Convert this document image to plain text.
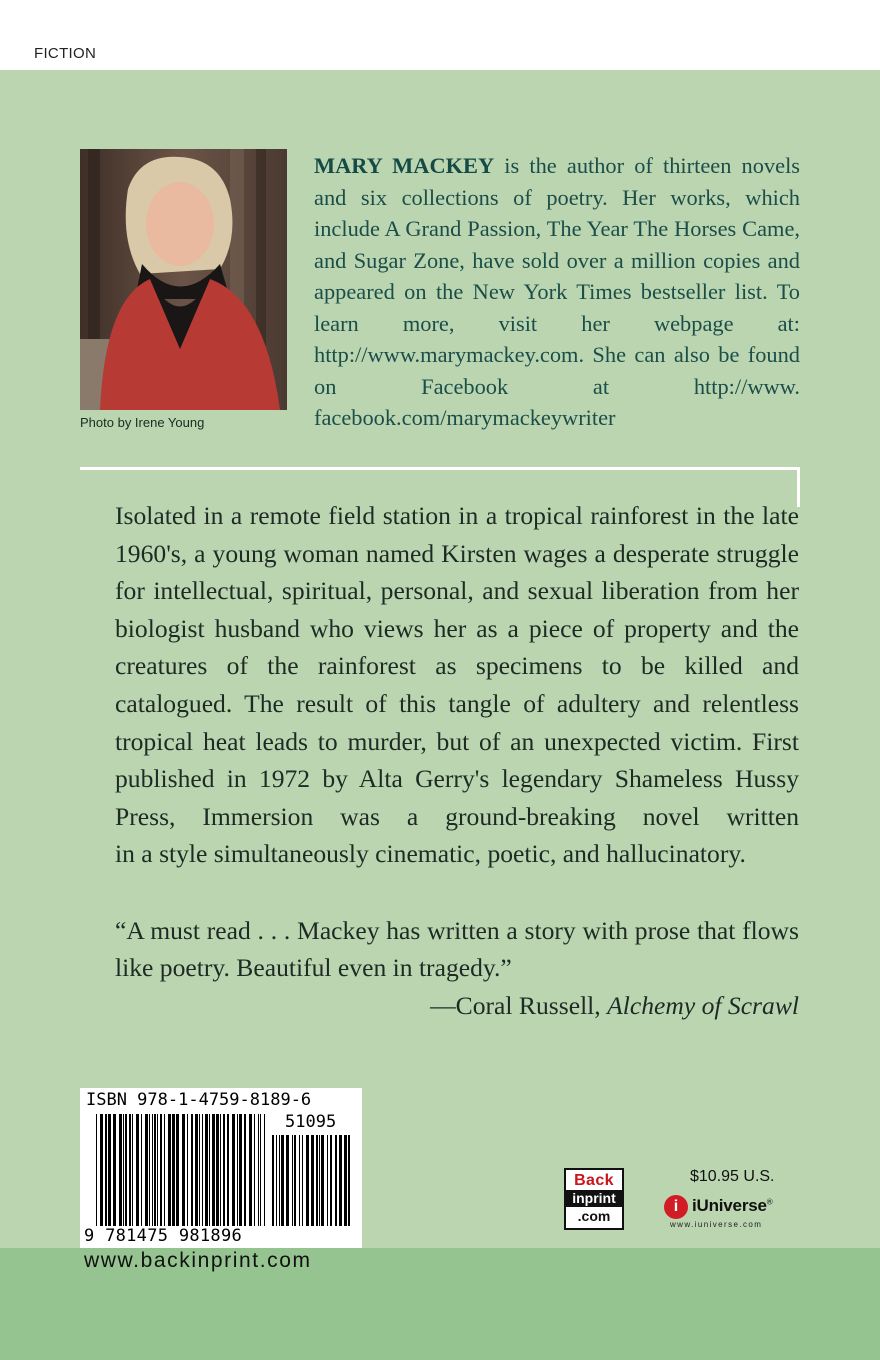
FICTION
Photo by Irene Young

MARY MACKEY is the author of thirteen novels and six collections of poetry. Her works, which include A Grand Passion, The Year The Horses Came, and Sugar Zone, have sold over a million copies and appeared on the New York Times bestseller list. To learn more, visit her webpage at: http://www.marymackey.com. She can also be found on Facebook at http://www. facebook.com/marymackeywriter

Isolated in a remote field station in a tropical rainforest in the late 1960's, a young woman named Kirsten wages a desperate struggle for intellectual, spiritual, personal, and sexual liberation from her biologist husband who views her as a piece of property and the creatures of the rainforest as specimens to be killed and catalogued. The result of this tangle of adultery and relentless tropical heat leads to murder, but of an unexpected victim. First published in 1972 by Alta Gerry's legendary Shameless Hussy Press, Immersion was a ground-breaking novel written

in a style simultaneously cinematic, poetic, and hallucinatory.

“A must read . . . Mackey has written a story with prose that flows like poetry. Beautiful even in tragedy.”

—Coral Russell, Alchemy of Scrawl
ISBN 978-1-4759-8189-6
51095
9 781475 981896
www.backinprint.com
Back
inprint
.com
$10.95 U.S.
i iUniverse®
www.iuniverse.com
